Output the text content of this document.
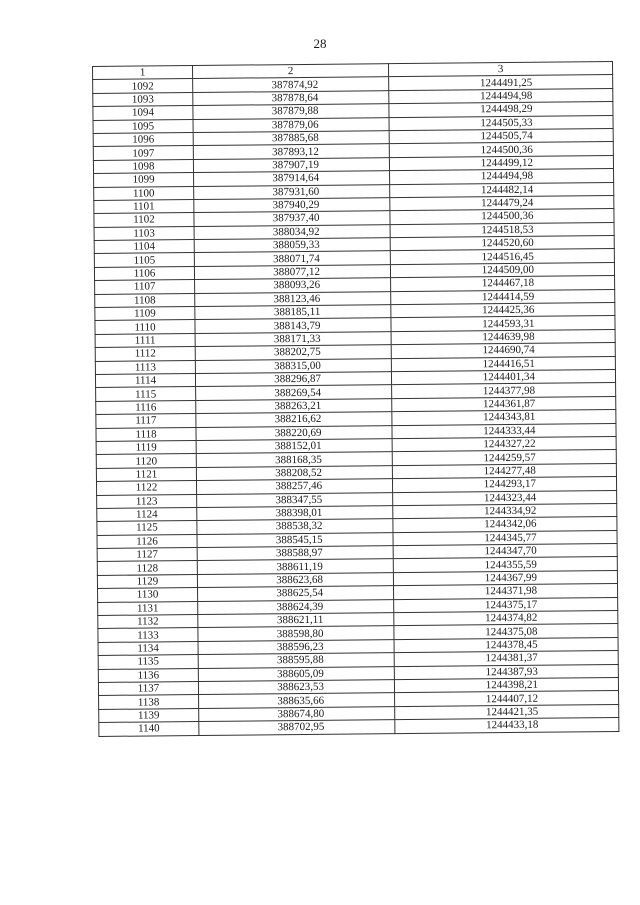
28
1	2	3
1092	387874,92	1244491,25
1093	387878,64	1244494,98
1094	387879,88	1244498,29
1095	387879,06	1244505,33
1096	387885,68	1244505,74
1097	387893,12	1244500,36
1098	387907,19	1244499,12
1099	387914,64	1244494,98
1100	387931,60	1244482,14
1101	387940,29	1244479,24
1102	387937,40	1244500,36
1103	388034,92	1244518,53
1104	388059,33	1244520,60
1105	388071,74	1244516,45
1106	388077,12	1244509,00
1107	388093,26	1244467,18
1108	388123,46	1244414,59
1109	388185,11	1244425,36
1110	388143,79	1244593,31
1111	388171,33	1244639,98
1112	388202,75	1244690,74
1113	388315,00	1244416,51
1114	388296,87	1244401,34
1115	388269,54	1244377,98
1116	388263,21	1244361,87
1117	388216,62	1244343,81
1118	388220,69	1244333,44
1119	388152,01	1244327,22
1120	388168,35	1244259,57
1121	388208,52	1244277,48
1122	388257,46	1244293,17
1123	388347,55	1244323,44
1124	388398,01	1244334,92
1125	388538,32	1244342,06
1126	388545,15	1244345,77
1127	388588,97	1244347,70
1128	388611,19	1244355,59
1129	388623,68	1244367,99
1130	388625,54	1244371,98
1131	388624,39	1244375,17
1132	388621,11	1244374,82
1133	388598,80	1244375,08
1134	388596,23	1244378,45
1135	388595,88	1244381,37
1136	388605,09	1244387,93
1137	388623,53	1244398,21
1138	388635,66	1244407,12
1139	388674,80	1244421,35
1140	388702,95	1244433,18
